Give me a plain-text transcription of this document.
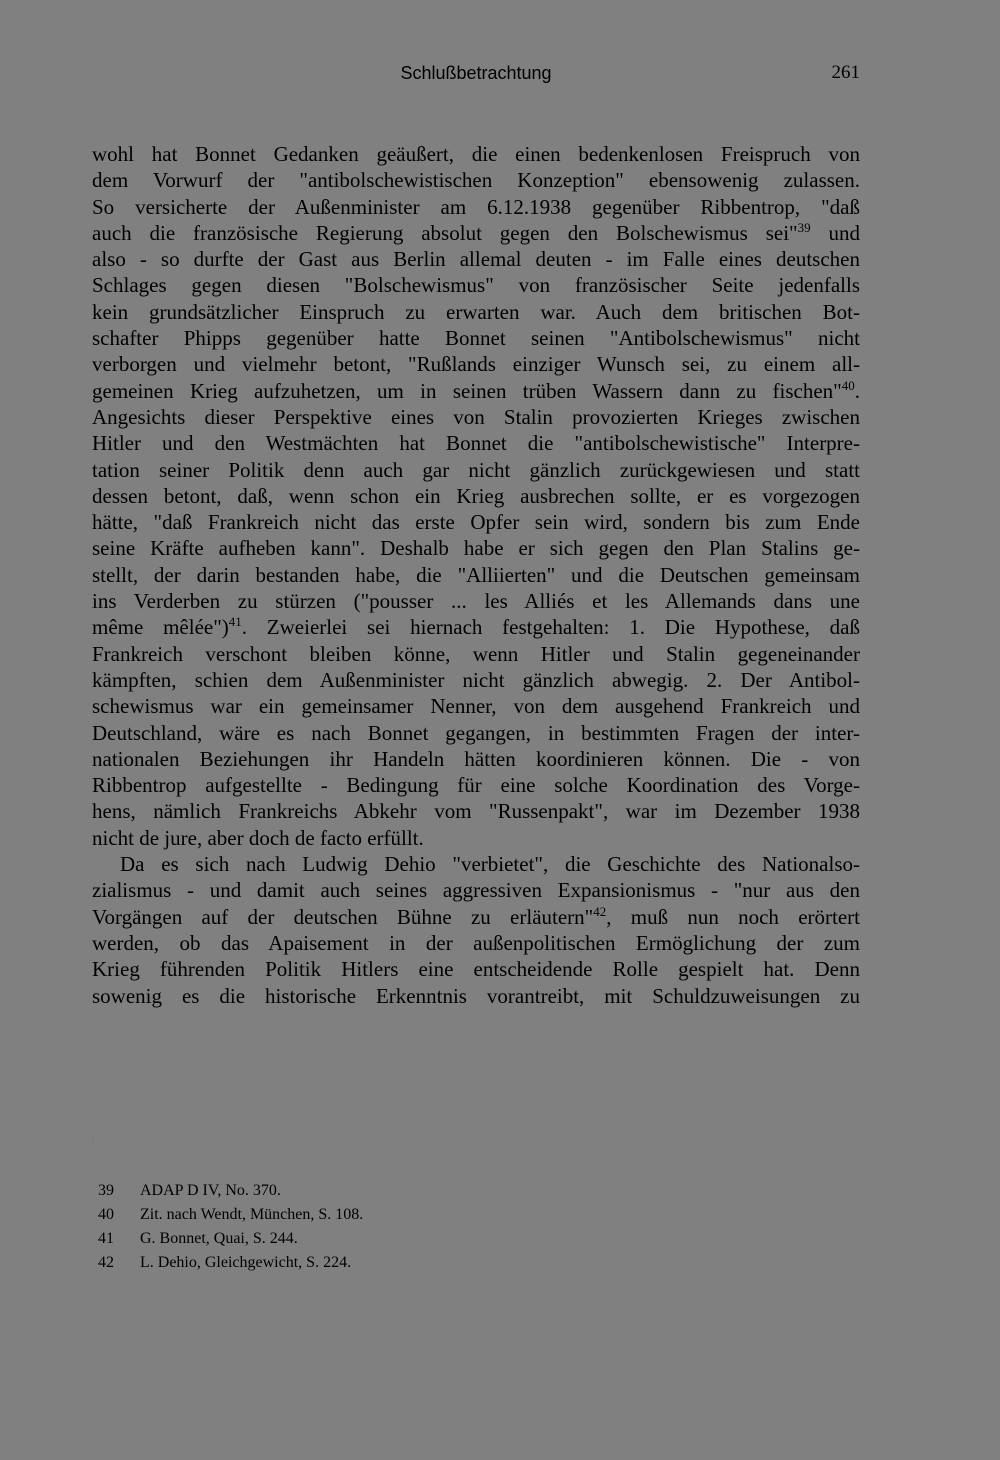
Schlußbetrachtung	261
wohl hat Bonnet Gedanken geäußert, die einen bedenkenlosen Freispruch von
dem Vorwurf der "antibolschewistischen Konzeption" ebensowenig zulassen.
So versicherte der Außenminister am 6.12.1938 gegenüber Ribbentrop, "daß
auch die französische Regierung absolut gegen den Bolschewismus sei"$^{39}$ und
also - so durfte der Gast aus Berlin allemal deuten - im Falle eines deutschen
Schlages gegen diesen "Bolschewismus" von französischer Seite jedenfalls
kein grundsätzlicher Einspruch zu erwarten war. Auch dem britischen Bot-
schafter Phipps gegenüber hatte Bonnet seinen "Antibolschewismus" nicht
verborgen und vielmehr betont, "Rußlands einziger Wunsch sei, zu einem all-
gemeinen Krieg aufzuhetzen, um in seinen trüben Wassern dann zu fischen"$^{40}$.
Angesichts dieser Perspektive eines von Stalin provozierten Krieges zwischen
Hitler und den Westmächten hat Bonnet die "antibolschewistische" Interpre-
tation seiner Politik denn auch gar nicht gänzlich zurückgewiesen und statt
dessen betont, daß, wenn schon ein Krieg ausbrechen sollte, er es vorgezogen
hätte, "daß Frankreich nicht das erste Opfer sein wird, sondern bis zum Ende
seine Kräfte aufheben kann". Deshalb habe er sich gegen den Plan Stalins ge-
stellt, der darin bestanden habe, die "Alliierten" und die Deutschen gemeinsam
ins Verderben zu stürzen ("pousser ... les Alliés et les Allemands dans une
même mêlée")$^{41}$. Zweierlei sei hiernach festgehalten: 1. Die Hypothese, daß
Frankreich verschont bleiben könne, wenn Hitler und Stalin gegeneinander
kämpften, schien dem Außenminister nicht gänzlich abwegig. 2. Der Antibol-
schewismus war ein gemeinsamer Nenner, von dem ausgehend Frankreich und
Deutschland, wäre es nach Bonnet gegangen, in bestimmten Fragen der inter-
nationalen Beziehungen ihr Handeln hätten koordinieren können. Die - von
Ribbentrop aufgestellte - Bedingung für eine solche Koordination des Vorge-
hens, nämlich Frankreichs Abkehr vom "Russenpakt", war im Dezember 1938
nicht de jure, aber doch de facto erfüllt.
Da es sich nach Ludwig Dehio "verbietet", die Geschichte des Nationalso-
zialismus - und damit auch seines aggressiven Expansionismus - "nur aus den
Vorgängen auf der deutschen Bühne zu erläutern"$^{42}$, muß nun noch erörtert
werden, ob das Apaisement in der außenpolitischen Ermöglichung der zum
Krieg führenden Politik Hitlers eine entscheidende Rolle gespielt hat. Denn
sowenig es die historische Erkenntnis vorantreibt, mit Schuldzuweisungen zu
39 ADAP D IV, No. 370.
40 Zit. nach Wendt, München, S. 108.
41 G. Bonnet, Quai, S. 244.
42 L. Dehio, Gleichgewicht, S. 224.
